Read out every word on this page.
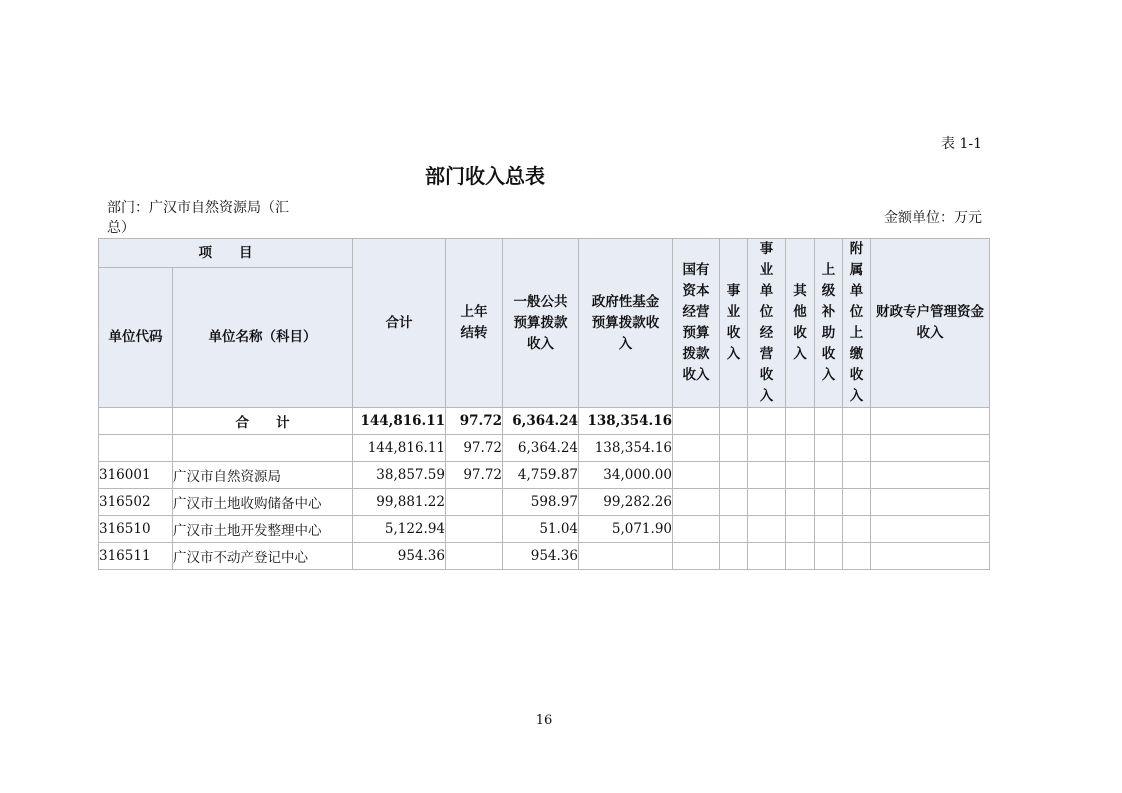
表 1-1
部门收入总表
部门：广汉市自然资源局（汇
总）
金额单位：万元
项　　目		合计	上年结转	一般公共预算拨款收入	政府性基金预算拨款收入	国有资本经营预算拨款收入	事业收入	事业单位经营收入	其他收入	上级补助收入	附属单位上缴收入	财政专户管理资金收入
单位代码	单位名称（科目）											
	合　　计	144,816.11	97.72	6,364.24	138,354.16							
		144,816.11	97.72	6,364.24	138,354.16							
316001	广汉市自然资源局	38,857.59	97.72	4,759.87	34,000.00							
316502	广汉市土地收购储备中心	99,881.22		598.97	99,282.26							
316510	广汉市土地开发整理中心	5,122.94		51.04	5,071.90							
316511	广汉市不动产登记中心	954.36		954.36								
16
